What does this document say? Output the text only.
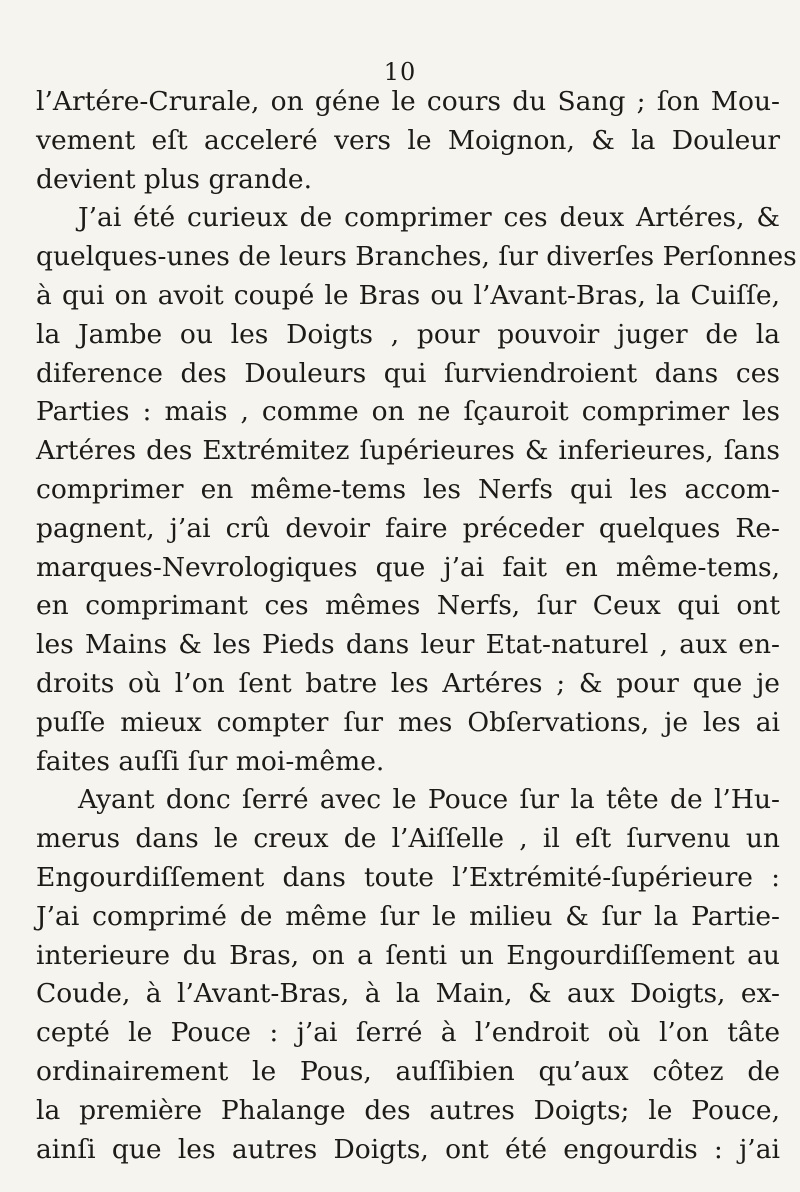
10
l’Artére-Crurale, on géne le cours du Sang ; ſon Mou-
vement eſt acceleré vers le Moignon, & la Douleur
devient plus grande.
J’ai été curieux de comprimer ces deux Artéres, &
quelques-unes de leurs Branches, ſur diverſes Perſonnes
à qui on avoit coupé le Bras ou l’Avant-Bras, la Cuiſſe,
la Jambe ou les Doigts , pour pouvoir juger de la
diference des Douleurs qui ſurviendroient dans ces
Parties : mais , comme on ne ſçauroit comprimer les
Artéres des Extrémitez ſupérieures & inferieures, ſans
comprimer en même-tems les Nerfs qui les accom-
pagnent, j’ai crû devoir faire préceder quelques Re-
marques-Nevrologiques que j’ai fait en même-tems,
en comprimant ces mêmes Nerfs, ſur Ceux qui ont
les Mains & les Pieds dans leur Etat-naturel , aux en-
droits où l’on ſent batre les Artéres ; & pour que je
puſſe mieux compter ſur mes Obſervations, je les ai
faites auſſi ſur moi-même.
Ayant donc ſerré avec le Pouce ſur la tête de l’Hu-
merus dans le creux de l’Aiſſelle , il eſt ſurvenu un
Engourdiſſement dans toute l’Extrémité-ſupérieure :
J’ai comprimé de même ſur le milieu & ſur la Partie-
interieure du Bras, on a ſenti un Engourdiſſement au
Coude, à l’Avant-Bras, à la Main, & aux Doigts, ex-
cepté le Pouce : j’ai ſerré à l’endroit où l’on tâte
ordinairement le Pous, auſſibien qu’aux côtez de
la première Phalange des autres Doigts; le Pouce,
ainſi que les autres Doigts, ont été engourdis : j’ai
